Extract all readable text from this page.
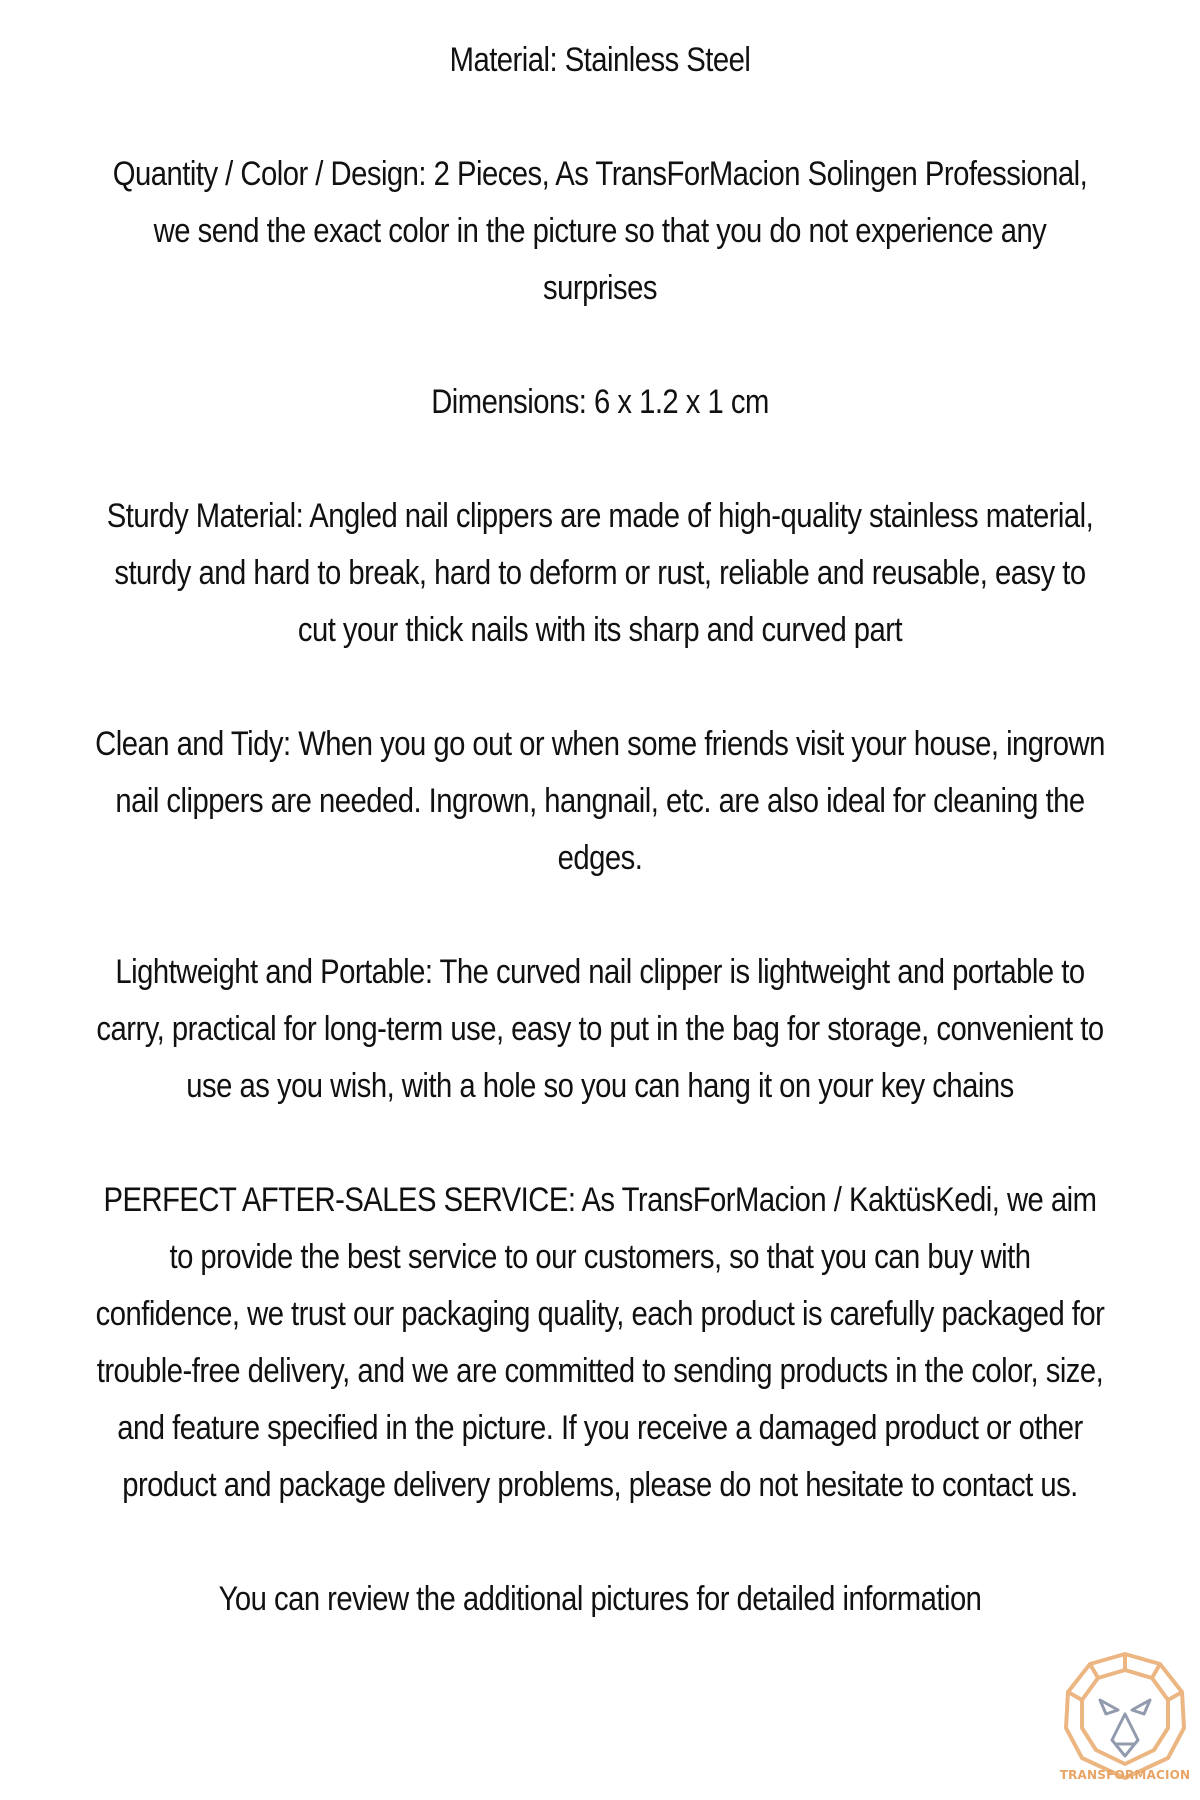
Material: Stainless Steel

Quantity / Color / Design: 2 Pieces, As TransForMacion Solingen Professional, we send the exact color in the picture so that you do not experience any surprises

Dimensions: 6 x 1.2 x 1 cm

Sturdy Material: Angled nail clippers are made of high-quality stainless material, sturdy and hard to break, hard to deform or rust, reliable and reusable, easy to cut your thick nails with its sharp and curved part

Clean and Tidy: When you go out or when some friends visit your house, ingrown nail clippers are needed. Ingrown, hangnail, etc. are also ideal for cleaning the edges.

Lightweight and Portable: The curved nail clipper is lightweight and portable to carry, practical for long-term use, easy to put in the bag for storage, convenient to use as you wish, with a hole so you can hang it on your key chains

PERFECT AFTER-SALES SERVICE: As TransForMacion / KaktüsKedi, we aim to provide the best service to our customers, so that you can buy with confidence, we trust our packaging quality, each product is carefully packaged for trouble-free delivery, and we are committed to sending products in the color, size, and feature specified in the picture. If you receive a damaged product or other product and package delivery problems, please do not hesitate to contact us.

You can review the additional pictures for detailed information

TRANSFORMACION
